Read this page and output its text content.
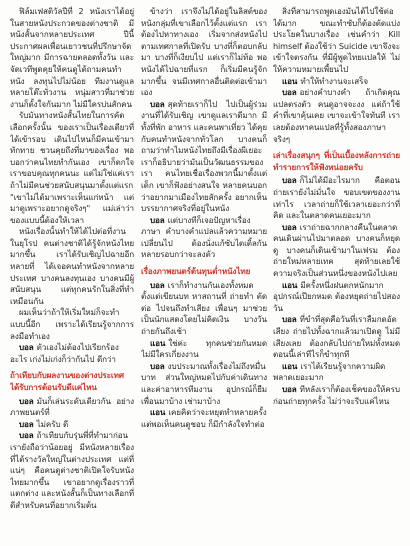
ฟิล์มเฟสติวัลปีที่ 2 หนังเราได้อยู่ในสายหนังประกวดของต่างชาติ มีหนังสั้นจากหลายประเทศ ปีนี้ประกาศผลเพื่อนเยาวชนที่ปรึกษาจัดใหญ่มาก มีการฉายตลอดทั้งวัน และจัดเวทีพูดคุยให้คนดูได้ถามคนทำหนัง ลงทุนไปไม่น้อย ทีมงานดูแลหลายโต๊ะทั่วงาน หนุ่มสาวที่มาช่วยงานก็ตั้งใจกันมาก ไม่มีใครบ่นสักคน

รับมันทางหนังสั้นไทยในการคัดเลือกครั้งนั้น ของเราเป็นเรื่องเดียวที่ได้เข้ารอบ เดินไปไหนก็มีคนเข้ามาทักทาย ชวนคุยถึงที่มาของเรื่อง พอบอกว่าคนไทยทำกันเอง เขาก็ตกใจ เราขอบคุณทุกคนนะ แต่ไม่ใช่แค่เรา ถ้าไม่มีคนช่วยสนับสนุนมาตั้งแต่แรก "เขาไม่ได้มาเพราะเห็นแก่หน้า แต่มาดูเพราะอยากดูจริงๆ" แม่เล่าว่าของแบบนี้ต้องให้เวลา

หนังเรื่องนั้นทำให้ได้ไปต่อที่งานในยุโรป คนต่างชาติได้รู้จักหนังไทยมากขึ้น เราได้รับเชิญไปฉายอีกหลายที่ ได้เจอคนทำหนังจากหลายประเทศ บางคนลงทุนเอง บางคนมีผู้สนับสนุน แต่ทุกคนรักในสิ่งที่ทำเหมือนกัน

ผมเห็นว่าถ้าให้เริ่มใหม่ก็จะทำแบบนี้อีก เพราะได้เรียนรู้จากการลงมือทำเอง

บอล ตัวเองไม่ต้องไปเรียกร้องอะไร เก่งไม่เก่งก็ว่ากันไป ดีกว่า

ถ้าเทียบกับผลงานของต่างประเทศ ได้รับการต้อนรับดีแค่ไหน

บอล มันก็เล่นระดับเดียวกัน อย่างภาพยนตร์ที่

บอล ไม่ครับ ดี

บอล ถ้าเทียบกับรุ่นพี่ที่ทำมาก่อน เรายังถือว่าน้อยอยู่ มีหนังหลายเรื่องที่ได้รางวัลใหญ่ในต่างประเทศ แต่ที่แน่ๆ คือคนดูต่างชาติเปิดใจรับหนังไทยมากขึ้น เขาอยากดูเรื่องราวที่แตกต่าง และหนังสั้นก็เป็นทางเลือกที่ดีสำหรับคนที่อยากเริ่มต้น

ข้างว่า เราจึงไม่ได้อยู่ในลิสต์ของหนังกลุ่มที่เขาเลือกไว้ตั้งแต่แรก เราต้องไปหาทางเอง เริ่มจากส่งหนังไปตามเทศกาลที่เปิดรับ บางที่ก็ตอบกลับมา บางที่ก็เงียบไป แต่เราก็ไม่ท้อ พอหนังได้ไปฉายที่แรก ก็เริ่มมีคนรู้จักมากขึ้น จนมีเทศกาลอื่นติดต่อเข้ามาเอง

บอล สุดท้ายเราก็ไป ไปเป็นผู้ร่วมงานที่ได้รับเชิญ เขาดูแลเราดีมาก มีทั้งที่พัก อาหาร และคนพาเที่ยว ได้คุยกับคนทำหนังจากทั่วโลก บางคนก็ถามว่าทำไมหนังไทยถึงมีเรื่องผีเยอะ เราก็อธิบายว่ามันเป็นวัฒนธรรมของเรา คนไทยเชื่อเรื่องพวกนี้มาตั้งแต่เด็ก เขาก็ฟังอย่างสนใจ หลายคนบอกว่าอยากมาเมืองไทยสักครั้ง อยากเห็นบรรยากาศจริงที่อยู่ในหนัง

บอล แต่บางทีก็เจอปัญหาเรื่องภาษา คำบางคำแปลแล้วความหมายเปลี่ยนไป ต้องนั่งแก้ซับไตเติ้ลกันหลายรอบกว่าจะลงตัว

เรื่องภาพยนตร์ต้นทุนต่ำหนังไทย

บอล เราก็ทำงานกันเองทั้งหมด ตั้งแต่เขียนบท หาสถานที่ ถ่ายทำ ตัดต่อ ไปจนถึงทำเสียง เพื่อนๆ มาช่วยเป็นนักแสดงโดยไม่คิดเงิน บางวันถ่ายกันถึงเช้า

แอน ใช่ค่ะ ทุกคนช่วยกันหมด ไม่มีใครเกี่ยงงาน

บอล งบประมาณทั้งเรื่องไม่ถึงหมื่นบาท ส่วนใหญ่หมดไปกับค่าเดินทางและค่าอาหารทีมงาน อุปกรณ์ก็ยืมเพื่อนมาบ้าง เช่ามาบ้าง

แอน เคยคิดว่าจะหยุดทำหลายครั้ง แต่พอเห็นคนดูชอบ ก็มีกำลังใจทำต่อ

สิ่งที่สามารถพูดเองมันได้ไปใช้ต่อได้มาก ขณะทำซับก็ต้องตัดแบ่งประโยคในบางเรื่อง เช่นคำว่า Kill himself ต้องใช้ว่า Suicide เขาจึงจะเข้าใจตรงกัน ที่มีผู้พูดไทยแปลให้ ไม่ให้ความหมายเพี้ยนไป

แอน ทำให้ทำงานจะเสร็จ

บอล อย่างคำบางคำ ถ้าเกิดคุณแปลตรงตัว คนดูอาจจะงง แต่ถ้าใช้คำที่เขาคุ้นเคย เขาจะเข้าใจทันที เราเลยต้องหาคนแปลที่รู้ทั้งสองภาษาจริงๆ

เล่าเรื่องสนุกๆ ที่เป็นเบื้องหลังการถ่ายทำรายการให้ฟังหน่อยครับ

บอล ก็ไม่ได้มีอะไรมาก คือตอนถ่ายเรายังไม่มั่นใจ ขอบเขตของงานเท่าไร เวลาถ่ายก็ใช้เวลาเยอะกว่าที่คิด และในตลาดคนเยอะมาก

บอล เราถ่ายฉากกลางคืนในตลาด คนเดินผ่านไปมาตลอด บางคนก็หยุดดู บางคนก็เดินเข้ามาในเฟรม ต้องถ่ายใหม่หลายเทค สุดท้ายเลยใช้ความจริงเป็นส่วนหนึ่งของหนังไปเลย

แอน มีครั้งหนึ่งฝนตกหนักมาก อุปกรณ์เปียกหมด ต้องหยุดถ่ายไปสองวัน

บอล ที่ขำที่สุดคือวันที่เราลืมกดอัดเสียง ถ่ายไปทั้งฉากแล้วมาเปิดดู ไม่มีเสียงเลย ต้องกลับไปถ่ายใหม่ทั้งหมด ตอนนี้เล่าทีไรก็ขำทุกที

แอน เราได้เรียนรู้จากความผิดพลาดเยอะมาก

บอล ทีหลังเราก็ต้องเช็คของให้ครบก่อนถ่ายทุกครั้ง ไม่ว่าจะรีบแค่ไหน
